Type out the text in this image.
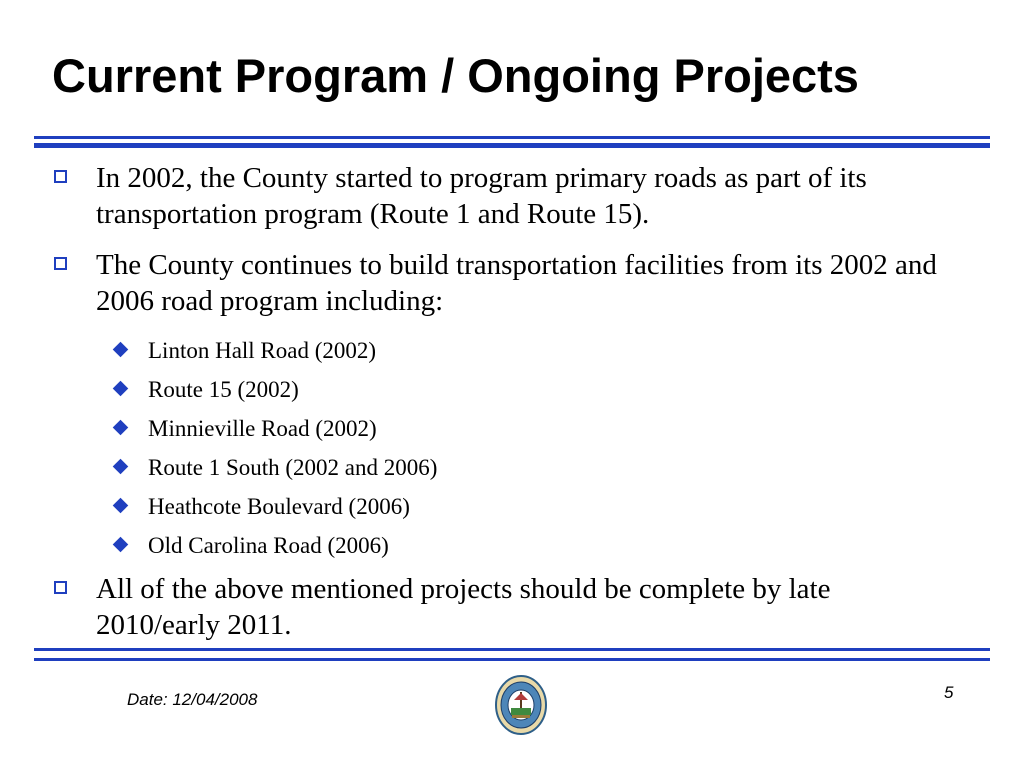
Current Program / Ongoing Projects
In 2002, the County started to program primary roads as part of its transportation program (Route 1 and Route 15).
The County continues to build transportation facilities from its 2002 and 2006 road program including:
Linton Hall Road (2002)
Route 15 (2002)
Minnieville Road (2002)
Route 1 South (2002 and 2006)
Heathcote Boulevard (2006)
Old Carolina Road (2006)
All of the above mentioned projects should be complete by late 2010/early 2011.
Date: 12/04/2008	5
